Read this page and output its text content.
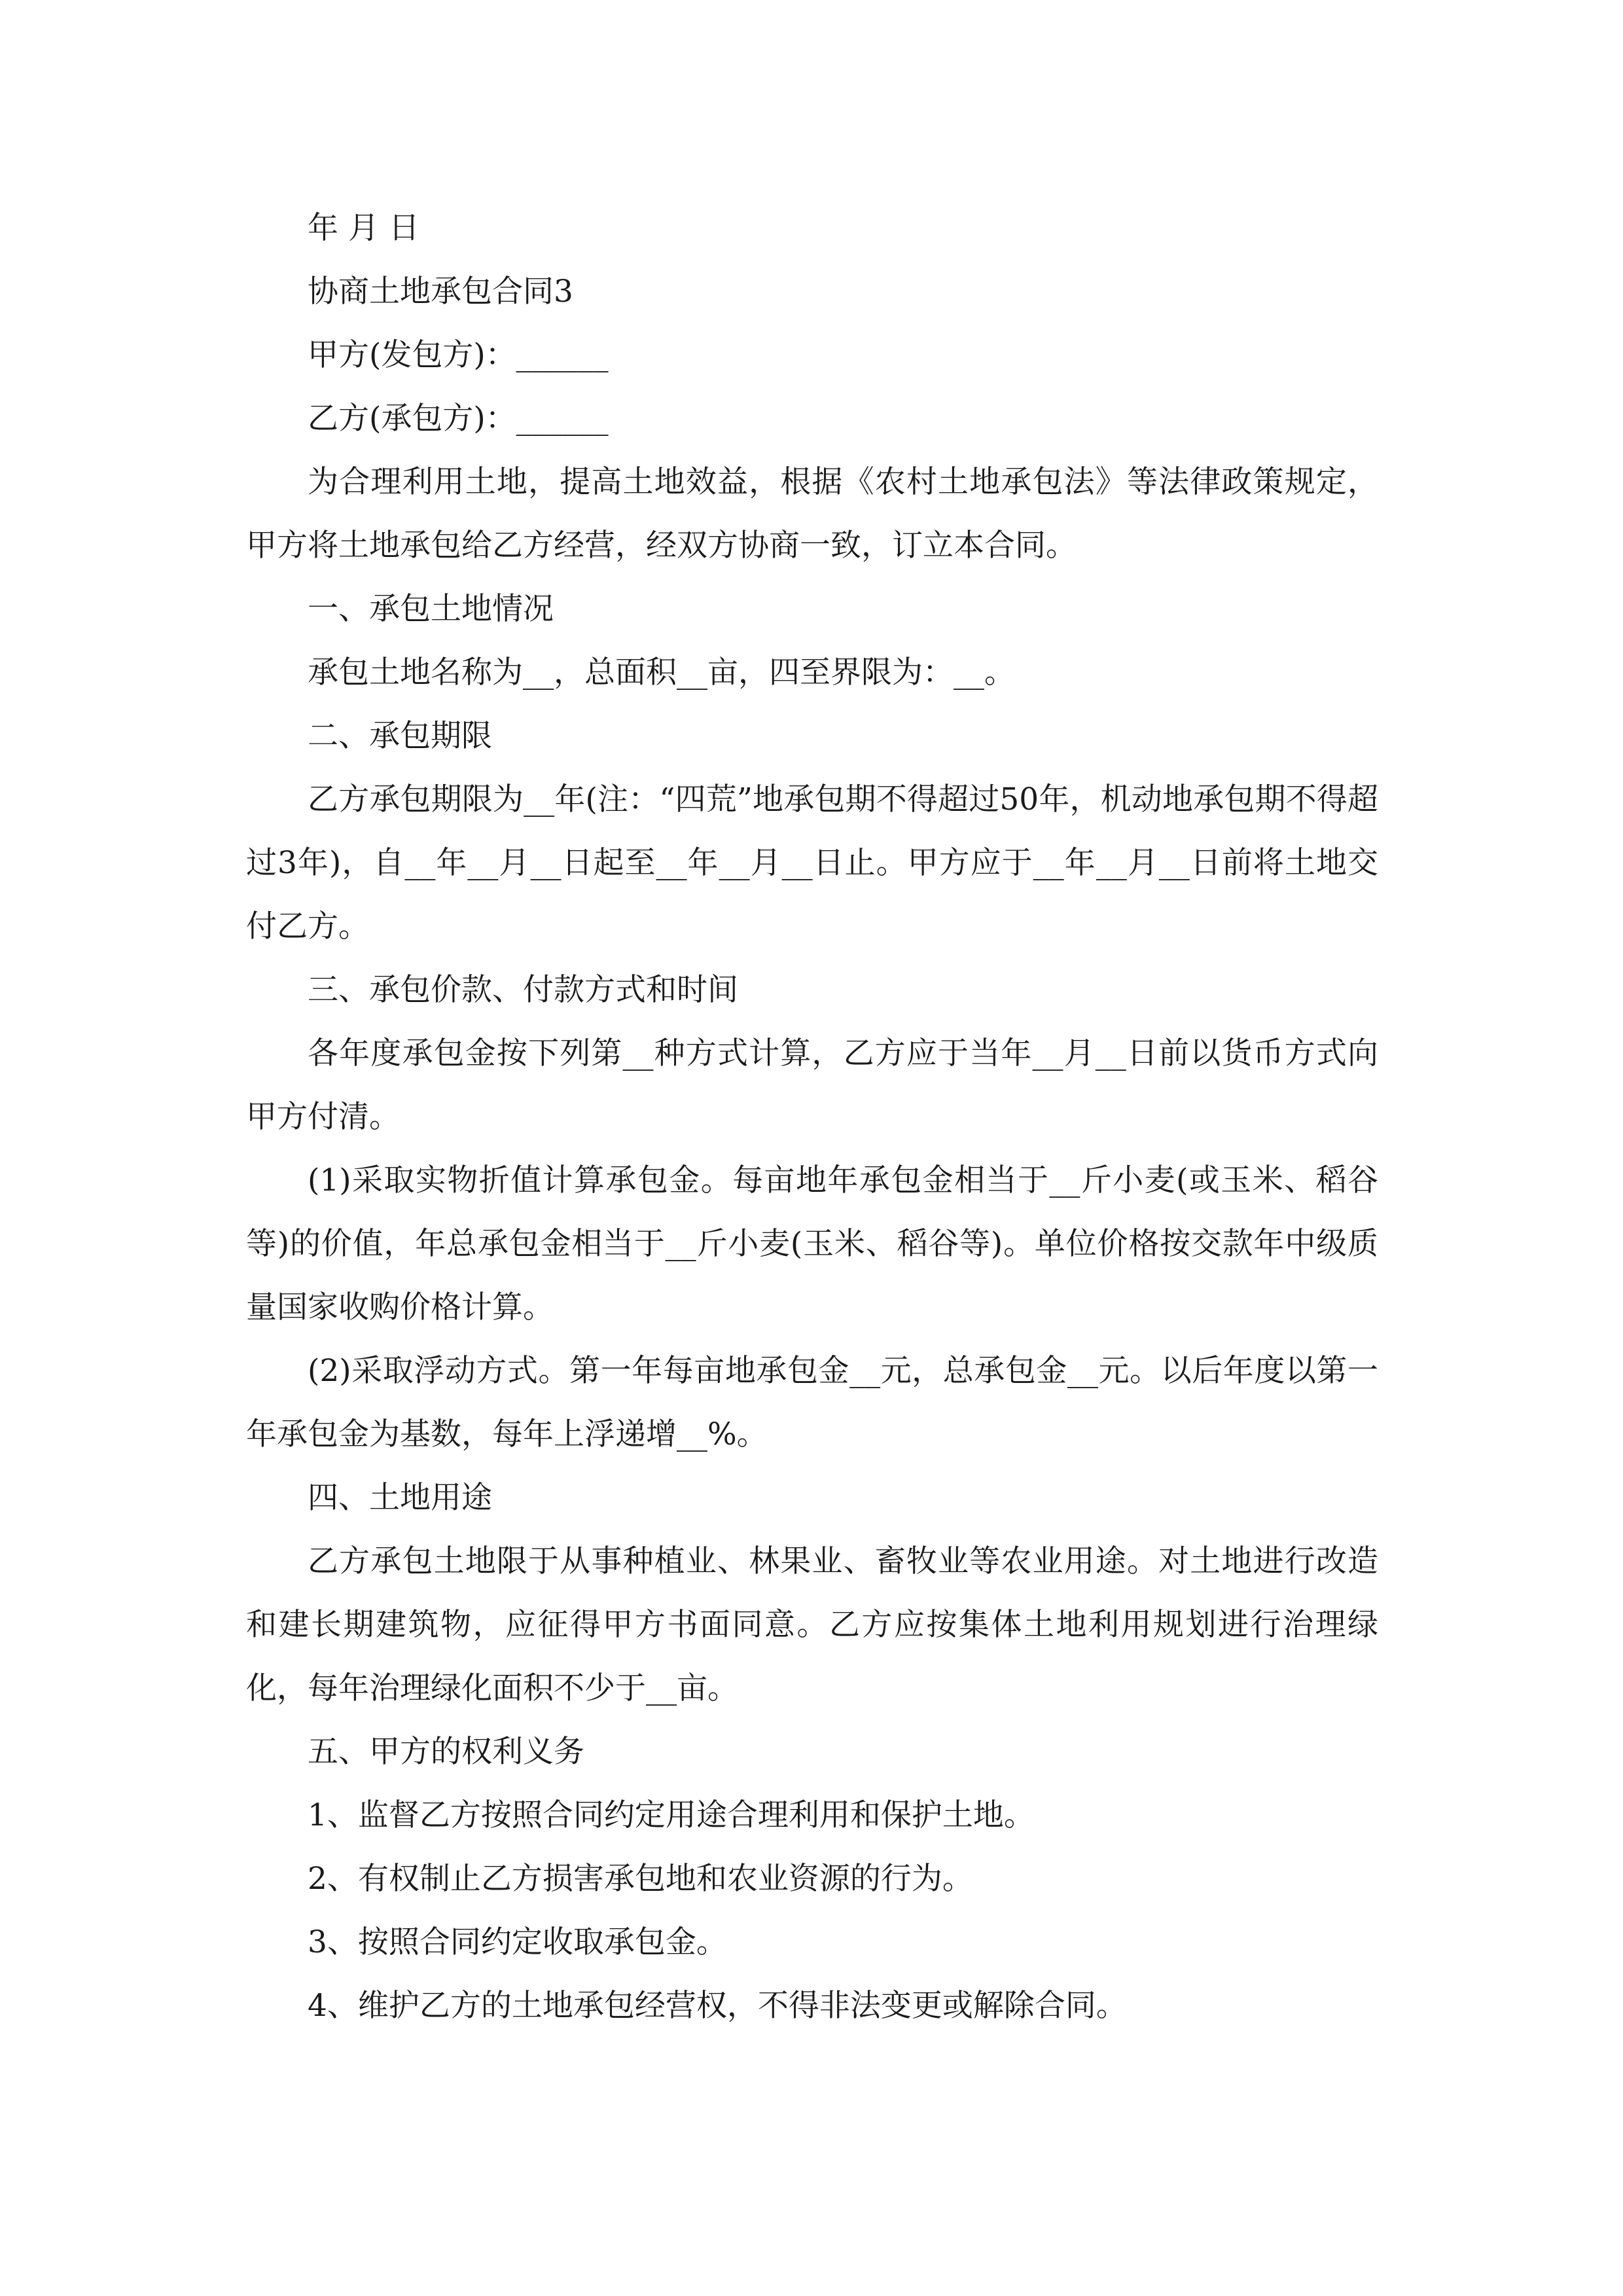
年 月 日

协商土地承包合同3

甲方(发包方)：______

乙方(承包方)：______

为合理利用土地，提高土地效益，根据《农村土地承包法》等法律政策规定，甲方将土地承包给乙方经营，经双方协商一致，订立本合同。

一、承包土地情况

承包土地名称为__，总面积__亩，四至界限为：__。

二、承包期限

乙方承包期限为__年(注：“四荒”地承包期不得超过50年，机动地承包期不得超过3年)，自__年__月__日起至__年__月__日止。甲方应于__年__月__日前将土地交付乙方。

三、承包价款、付款方式和时间

各年度承包金按下列第__种方式计算，乙方应于当年__月__日前以货币方式向甲方付清。

(1)采取实物折值计算承包金。每亩地年承包金相当于__斤小麦(或玉米、稻谷等)的价值，年总承包金相当于__斤小麦(玉米、稻谷等)。单位价格按交款年中级质量国家收购价格计算。

(2)采取浮动方式。第一年每亩地承包金__元，总承包金__元。以后年度以第一年承包金为基数，每年上浮递增__%。

四、土地用途

乙方承包土地限于从事种植业、林果业、畜牧业等农业用途。对土地进行改造和建长期建筑物，应征得甲方书面同意。乙方应按集体土地利用规划进行治理绿化，每年治理绿化面积不少于__亩。

五、甲方的权利义务

1、监督乙方按照合同约定用途合理利用和保护土地。

2、有权制止乙方损害承包地和农业资源的行为。

3、按照合同约定收取承包金。

4、维护乙方的土地承包经营权，不得非法变更或解除合同。
